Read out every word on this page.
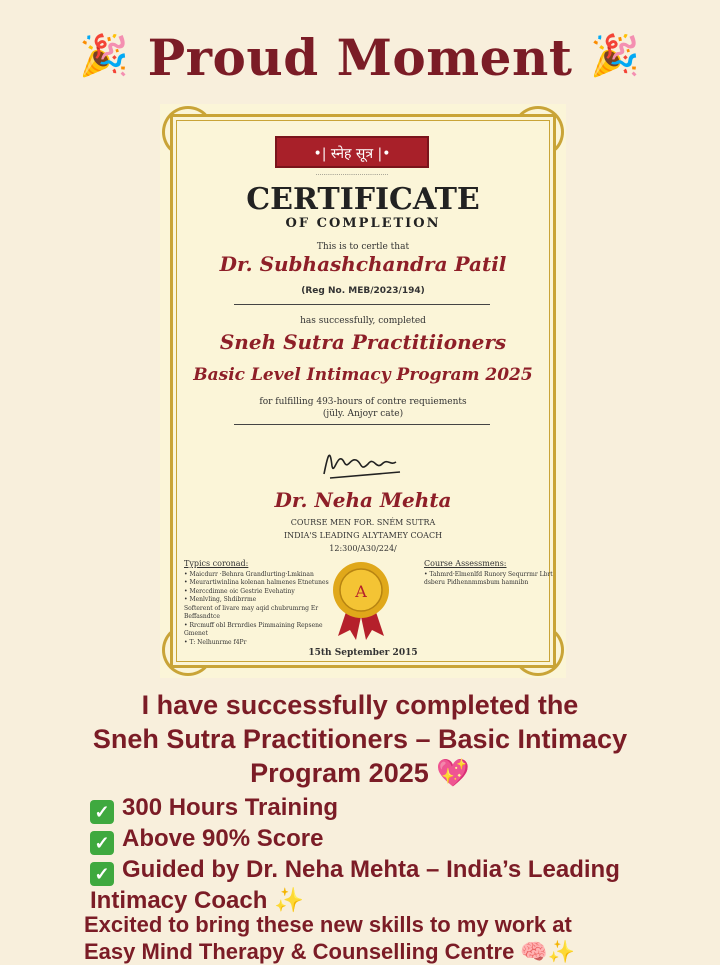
🎉 Proud Moment 🎉
•| स्नेह सूत्र |•
......................................
CERTIFICATE
OF COMPLETION
This is to certle that
Dr. Subhashchandra Patil
(Reg No. MEB/2023/194)
has successfully, completed
Sneh Sutra Practitiioners
Basic Level Intimacy Program 2025
for fulfilling 493-hours of contre requiements
(jüly. Anjoyr cate)
Dr. Neha Mehta
COURSE MEN FOR. SNÉM SUTRA
INDIA'S LEADING ALYTAMEY COACH
12:300/A30/224/
Typics coronad:
• Maicdurr ·Behnra Grandlurting·Lmkinan
• Meurartiwinlina kolenan halmenes Etnetunes
• Merccdimne oic Gestrie Evehatiny
• Menlvling, Shdibrrme
Softerent of livare may aqid chubrumrng Er Beffasndtce
• Rrcmuff obl Brrnrdies Pimmaining Repsene Gmenet
• T: Nelhunrme f4Pr
A
Course Assessmens:
• Tahmrd·Elmenlfd Runory Sequrrmr Lbrt
dsberu Pidhennmmsbum hamnibn
15th September 2015
I have successfully completed the
Sneh Sutra Practitioners – Basic Intimacy
Program 2025 💖
✓ 300 Hours Training
✓ Above 90% Score
✓ Guided by Dr. Neha Mehta – India’s Leading
Intimacy Coach ✨
Excited to bring these new skills to my work at
Easy Mind Therapy & Counselling Centre 🧠✨
